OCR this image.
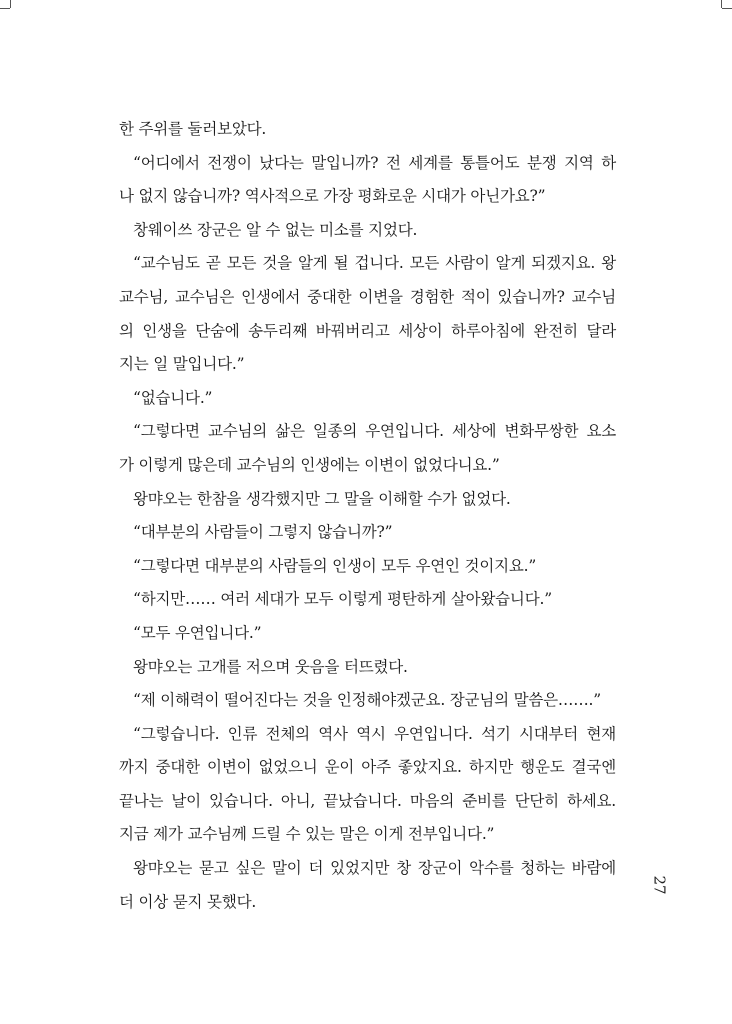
한 주위를 둘러보았다.
“어디에서 전쟁이 났다는 말입니까? 전 세계를 통틀어도 분쟁 지역 하
나 없지 않습니까? 역사적으로 가장 평화로운 시대가 아닌가요?”
창웨이쓰 장군은 알 수 없는 미소를 지었다.
“교수님도 곧 모든 것을 알게 될 겁니다. 모든 사람이 알게 되겠지요. 왕
교수님, 교수님은 인생에서 중대한 이변을 경험한 적이 있습니까? 교수님
의 인생을 단숨에 송두리째 바꿔버리고 세상이 하루아침에 완전히 달라
지는 일 말입니다.”
“없습니다.”
“그렇다면 교수님의 삶은 일종의 우연입니다. 세상에 변화무쌍한 요소
가 이렇게 많은데 교수님의 인생에는 이변이 없었다니요.”
왕먀오는 한참을 생각했지만 그 말을 이해할 수가 없었다.
“대부분의 사람들이 그렇지 않습니까?”
“그렇다면 대부분의 사람들의 인생이 모두 우연인 것이지요.”
“하지만…… 여러 세대가 모두 이렇게 평탄하게 살아왔습니다.”
“모두 우연입니다.”
왕먀오는 고개를 저으며 웃음을 터뜨렸다.
“제 이해력이 떨어진다는 것을 인정해야겠군요. 장군님의 말씀은…….”
“그렇습니다. 인류 전체의 역사 역시 우연입니다. 석기 시대부터 현재
까지 중대한 이변이 없었으니 운이 아주 좋았지요. 하지만 행운도 결국엔
끝나는 날이 있습니다. 아니, 끝났습니다. 마음의 준비를 단단히 하세요.
지금 제가 교수님께 드릴 수 있는 말은 이게 전부입니다.”
왕먀오는 묻고 싶은 말이 더 있었지만 창 장군이 악수를 청하는 바람에
더 이상 묻지 못했다.
27
